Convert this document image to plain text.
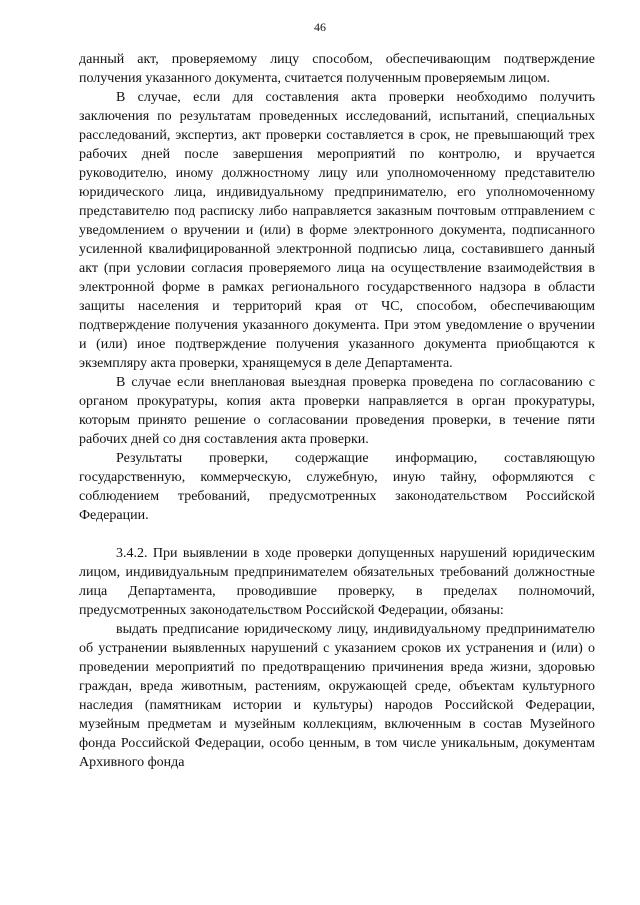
46

данный акт, проверяемому лицу способом, обеспечивающим подтверждение получения указанного документа, считается полученным проверяемым лицом.

В случае, если для составления акта проверки необходимо получить заключения по результатам проведенных исследований, испытаний, специальных расследований, экспертиз, акт проверки составляется в срок, не превышающий трех рабочих дней после завершения мероприятий по контролю, и вручается руководителю, иному должностному лицу или уполномоченному представителю юридического лица, индивидуальному предпринимателю, его уполномоченному представителю под расписку либо направляется заказным почтовым отправлением с уведомлением о вручении и (или) в форме электронного документа, подписанного усиленной квалифицированной электронной подписью лица, составившего данный акт (при условии согласия проверяемого лица на осуществление взаимодействия в электронной форме в рамках регионального государственного надзора в области защиты населения и территорий края от ЧС, способом, обеспечивающим подтверждение получения указанного документа. При этом уведомление о вручении и (или) иное подтверждение получения указанного документа приобщаются к экземпляру акта проверки, хранящемуся в деле Департамента.

В случае если внеплановая выездная проверка проведена по согласованию с органом прокуратуры, копия акта проверки направляется в орган прокуратуры, которым принято решение о согласовании проведения проверки, в течение пяти рабочих дней со дня составления акта проверки.

Результаты проверки, содержащие информацию, составляющую государственную, коммерческую, служебную, иную тайну, оформляются с соблюдением требований, предусмотренных законодательством Российской Федерации.

3.4.2. При выявлении в ходе проверки допущенных нарушений юридическим лицом, индивидуальным предпринимателем обязательных требований должностные лица Департамента, проводившие проверку, в пределах полномочий, предусмотренных законодательством Российской Федерации, обязаны:

выдать предписание юридическому лицу, индивидуальному предпринимателю об устранении выявленных нарушений с указанием сроков их устранения и (или) о проведении мероприятий по предотвращению причинения вреда жизни, здоровью граждан, вреда животным, растениям, окружающей среде, объектам культурного наследия (памятникам истории и культуры) народов Российской Федерации, музейным предметам и музейным коллекциям, включенным в состав Музейного фонда Российской Федерации, особо ценным, в том числе уникальным, документам Архивного фонда
